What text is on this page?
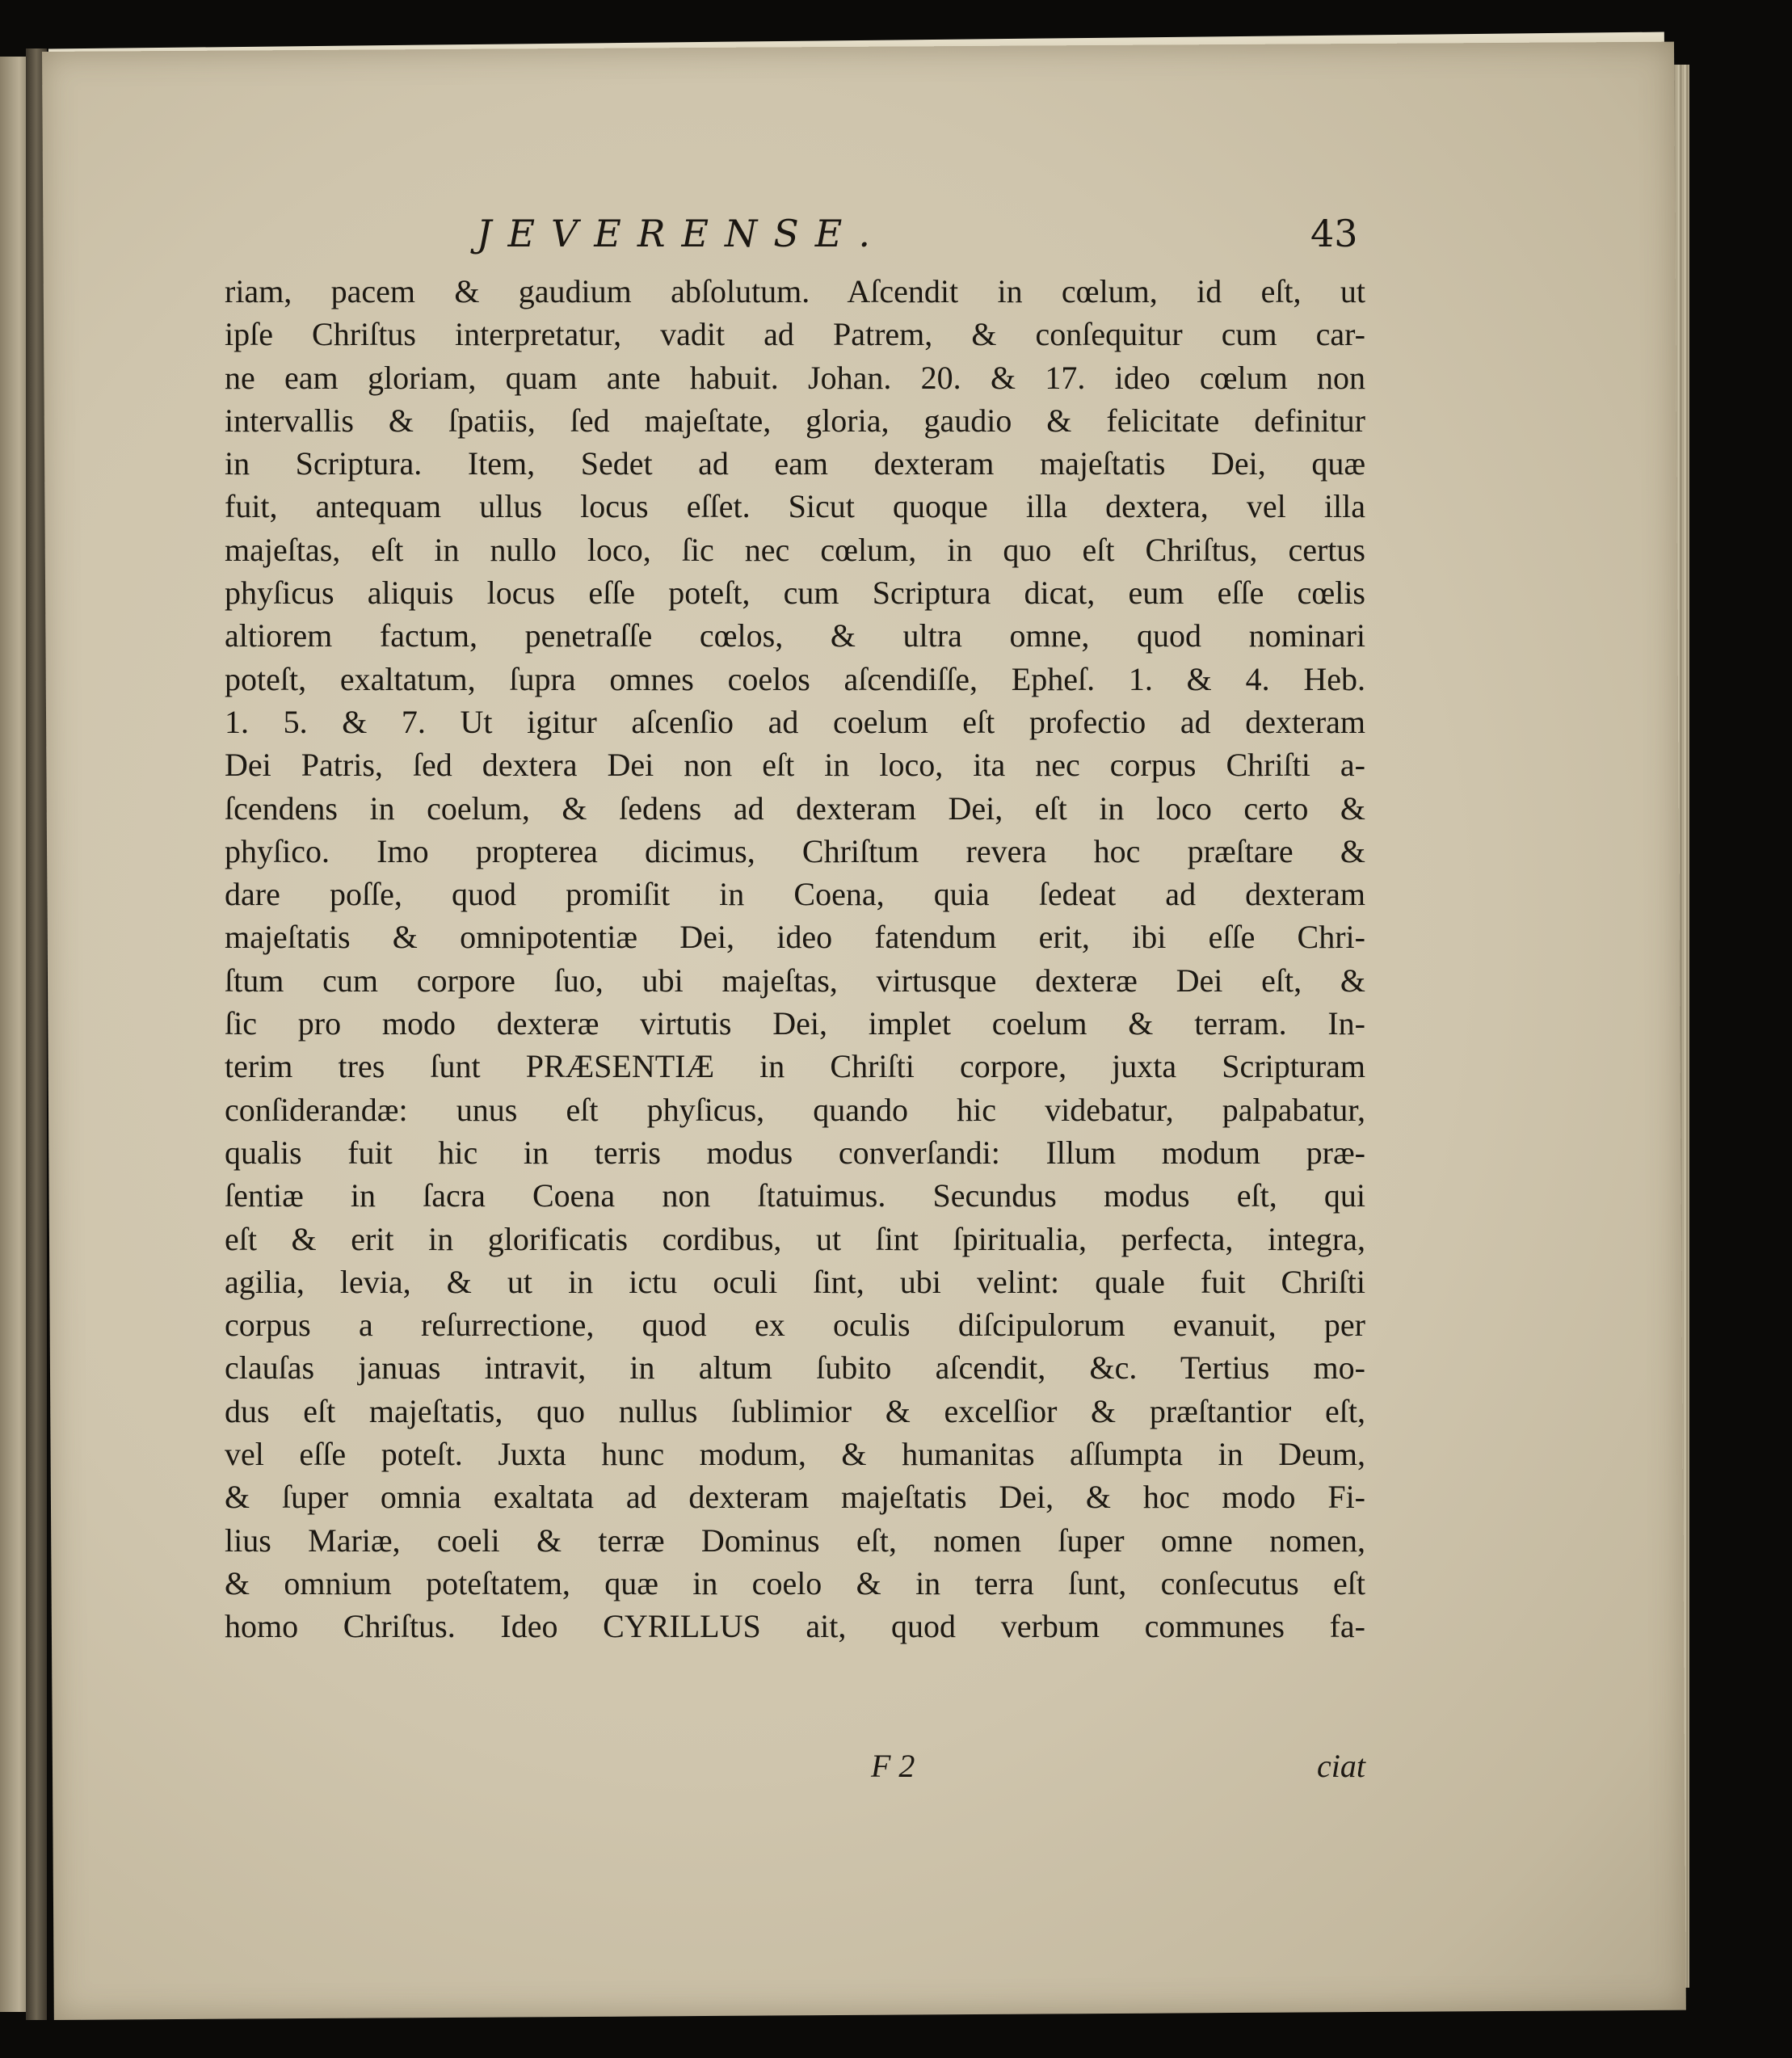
JEVERENSE.	43
riam, pacem & gaudium abſolutum. Aſcendit in cœlum, id eſt, ut
ipſe Chriſtus interpretatur, vadit ad Patrem, & conſequitur cum car-
ne eam gloriam, quam ante habuit. Johan. 20. & 17. ideo cœlum non
intervallis & ſpatiis, ſed majeſtate, gloria, gaudio & felicitate definitur
in Scriptura. Item, Sedet ad eam dexteram majeſtatis Dei, quæ
fuit, antequam ullus locus eſſet. Sicut quoque illa dextera, vel illa
majeſtas, eſt in nullo loco, ſic nec cœlum, in quo eſt Chriſtus, certus
phyſicus aliquis locus eſſe poteſt, cum Scriptura dicat, eum eſſe cœlis
altiorem factum, penetraſſe cœlos, & ultra omne, quod nominari
poteſt, exaltatum, ſupra omnes coelos aſcendiſſe, Epheſ. 1. & 4. Heb.
1. 5. & 7. Ut igitur aſcenſio ad coelum eſt profectio ad dexteram
Dei Patris, ſed dextera Dei non eſt in loco, ita nec corpus Chriſti a-
ſcendens in coelum, & ſedens ad dexteram Dei, eſt in loco certo &
phyſico. Imo propterea dicimus, Chriſtum revera hoc præſtare &
dare poſſe, quod promiſit in Coena, quia ſedeat ad dexteram
majeſtatis & omnipotentiæ Dei, ideo fatendum erit, ibi eſſe Chri-
ſtum cum corpore ſuo, ubi majeſtas, virtusque dexteræ Dei eſt, &
ſic pro modo dexteræ virtutis Dei, implet coelum & terram. In-
terim tres ſunt PRÆSENTIÆ in Chriſti corpore, juxta Scripturam
conſiderandæ: unus eſt phyſicus, quando hic videbatur, palpabatur,
qualis fuit hic in terris modus converſandi: Illum modum præ-
ſentiæ in ſacra Coena non ſtatuimus. Secundus modus eſt, qui
eſt & erit in glorificatis cordibus, ut ſint ſpiritualia, perfecta, integra,
agilia, levia, & ut in ictu oculi ſint, ubi velint: quale fuit Chriſti
corpus a reſurrectione, quod ex oculis diſcipulorum evanuit, per
clauſas januas intravit, in altum ſubito aſcendit, &c. Tertius mo-
dus eſt majeſtatis, quo nullus ſublimior & excelſior & præſtantior eſt,
vel eſſe poteſt. Juxta hunc modum, & humanitas aſſumpta in Deum,
& ſuper omnia exaltata ad dexteram majeſtatis Dei, & hoc modo Fi-
lius Mariæ, coeli & terræ Dominus eſt, nomen ſuper omne nomen,
& omnium poteſtatem, quæ in coelo & in terra ſunt, conſecutus eſt
homo Chriſtus. Ideo CYRILLUS ait, quod verbum communes fa-
F 2	ciat
